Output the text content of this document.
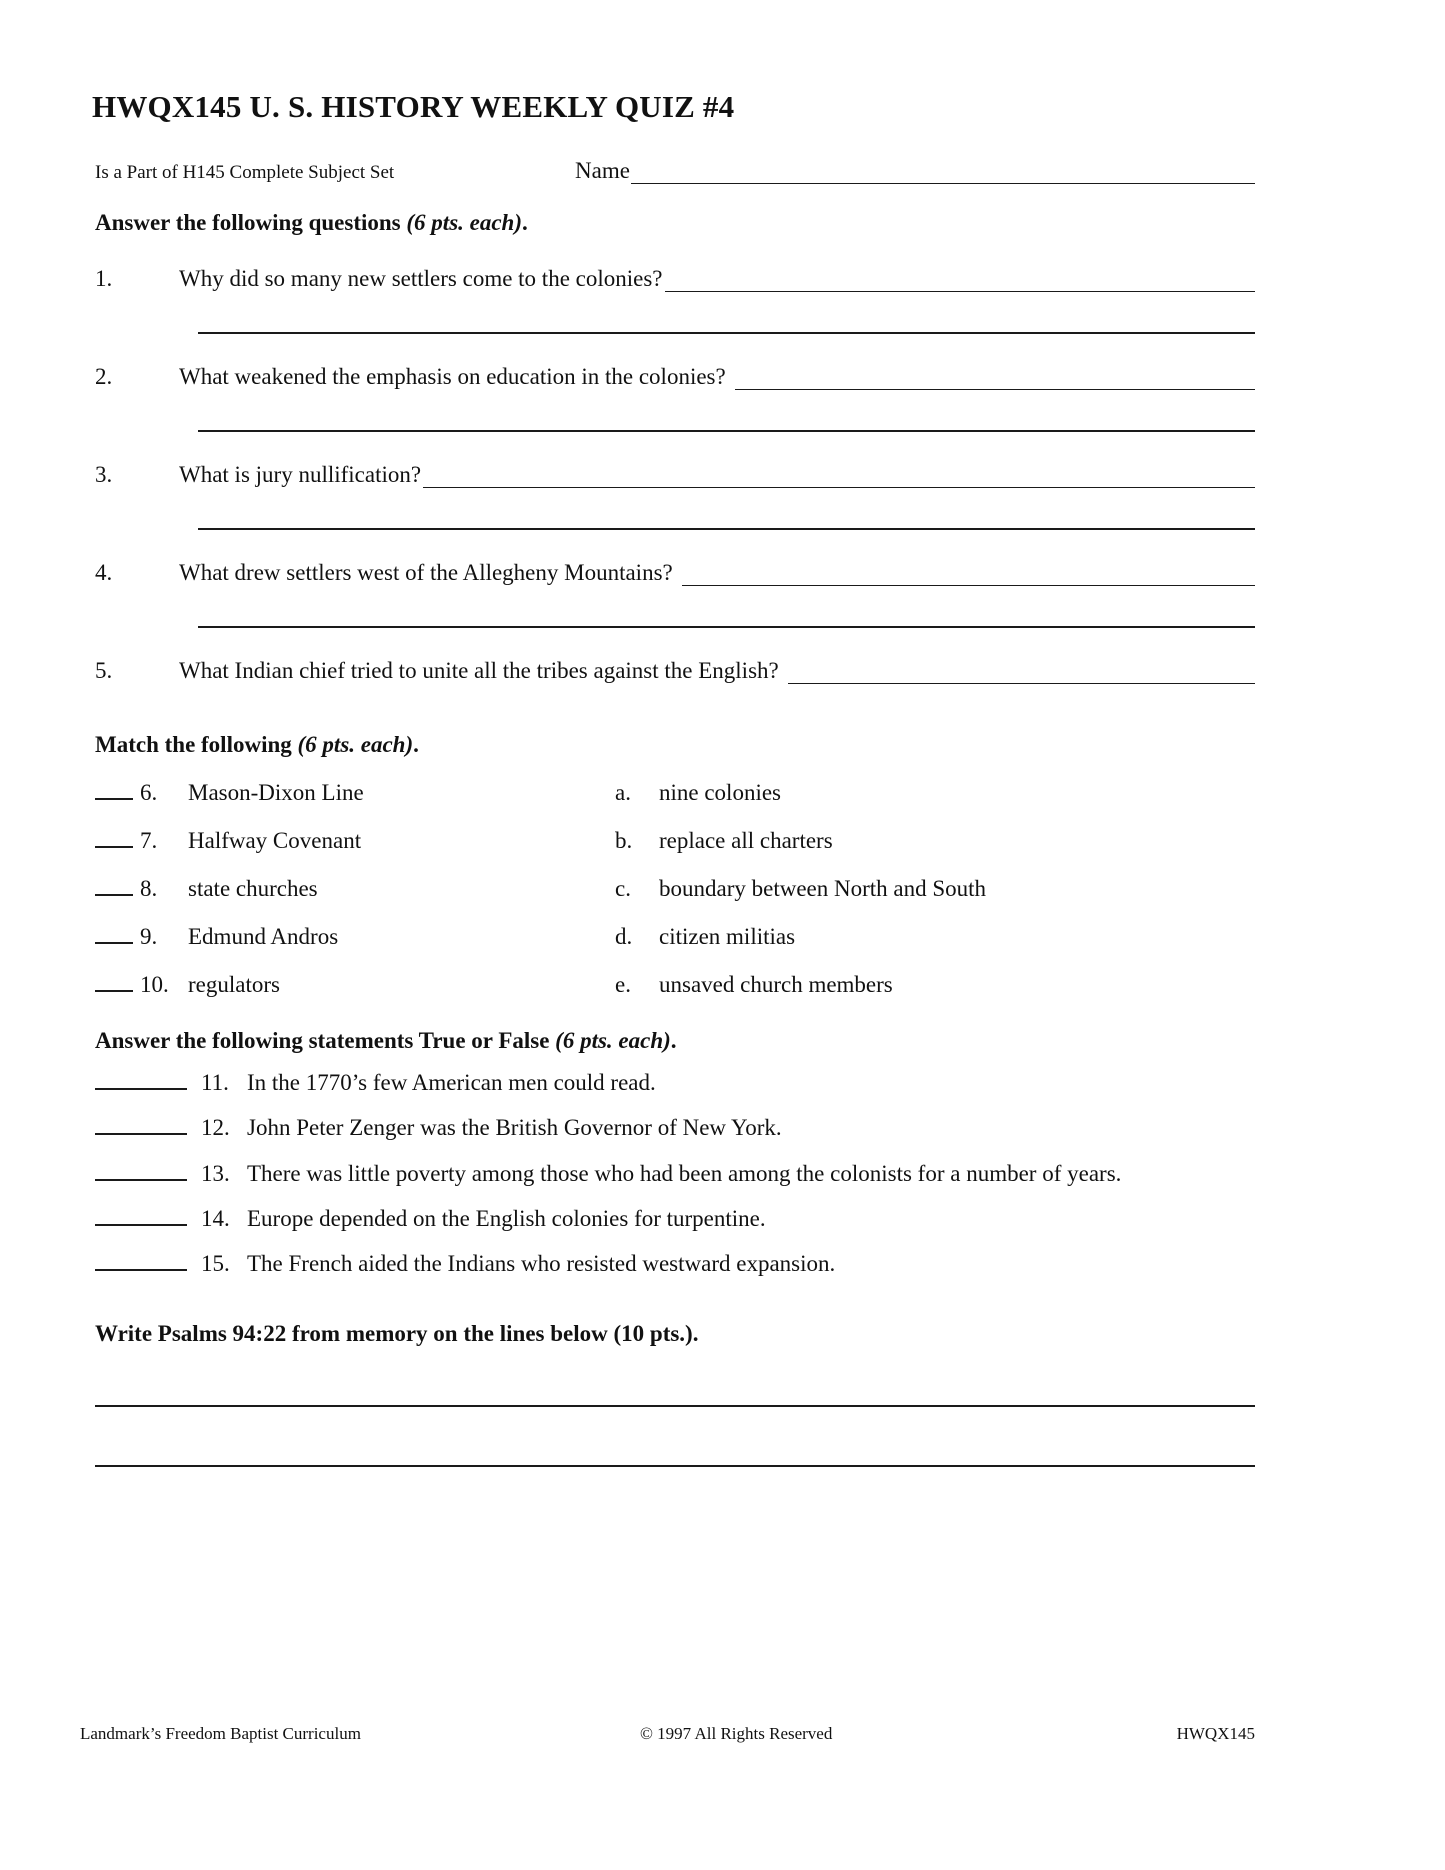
HWQX145 U. S. HISTORY WEEKLY QUIZ #4
Is a Part of H145 Complete Subject Set	Name
Answer the following questions (6 pts. each).
1.	Why did so many new settlers come to the colonies?
2.	What weakened the emphasis on education in the colonies?
3.	What is jury nullification?
4.	What drew settlers west of the Allegheny Mountains?
5.	What Indian chief tried to unite all the tribes against the English?
Match the following (6 pts. each).
6.	Mason-Dixon Line	a.	nine colonies
7.	Halfway Covenant	b.	replace all charters
8.	state churches	c.	boundary between North and South
9.	Edmund Andros	d.	citizen militias
10. regulators	e.	unsaved church members
Answer the following statements True or False (6 pts. each).
11. In the 1770’s few American men could read.
12. John Peter Zenger was the British Governor of New York.
13. There was little poverty among those who had been among the colonists for a number of years.
14. Europe depended on the English colonies for turpentine.
15. The French aided the Indians who resisted westward expansion.
Write Psalms 94:22 from memory on the lines below (10 pts.).
Landmark’s Freedom Baptist Curriculum	© 1997 All Rights Reserved	HWQX145
